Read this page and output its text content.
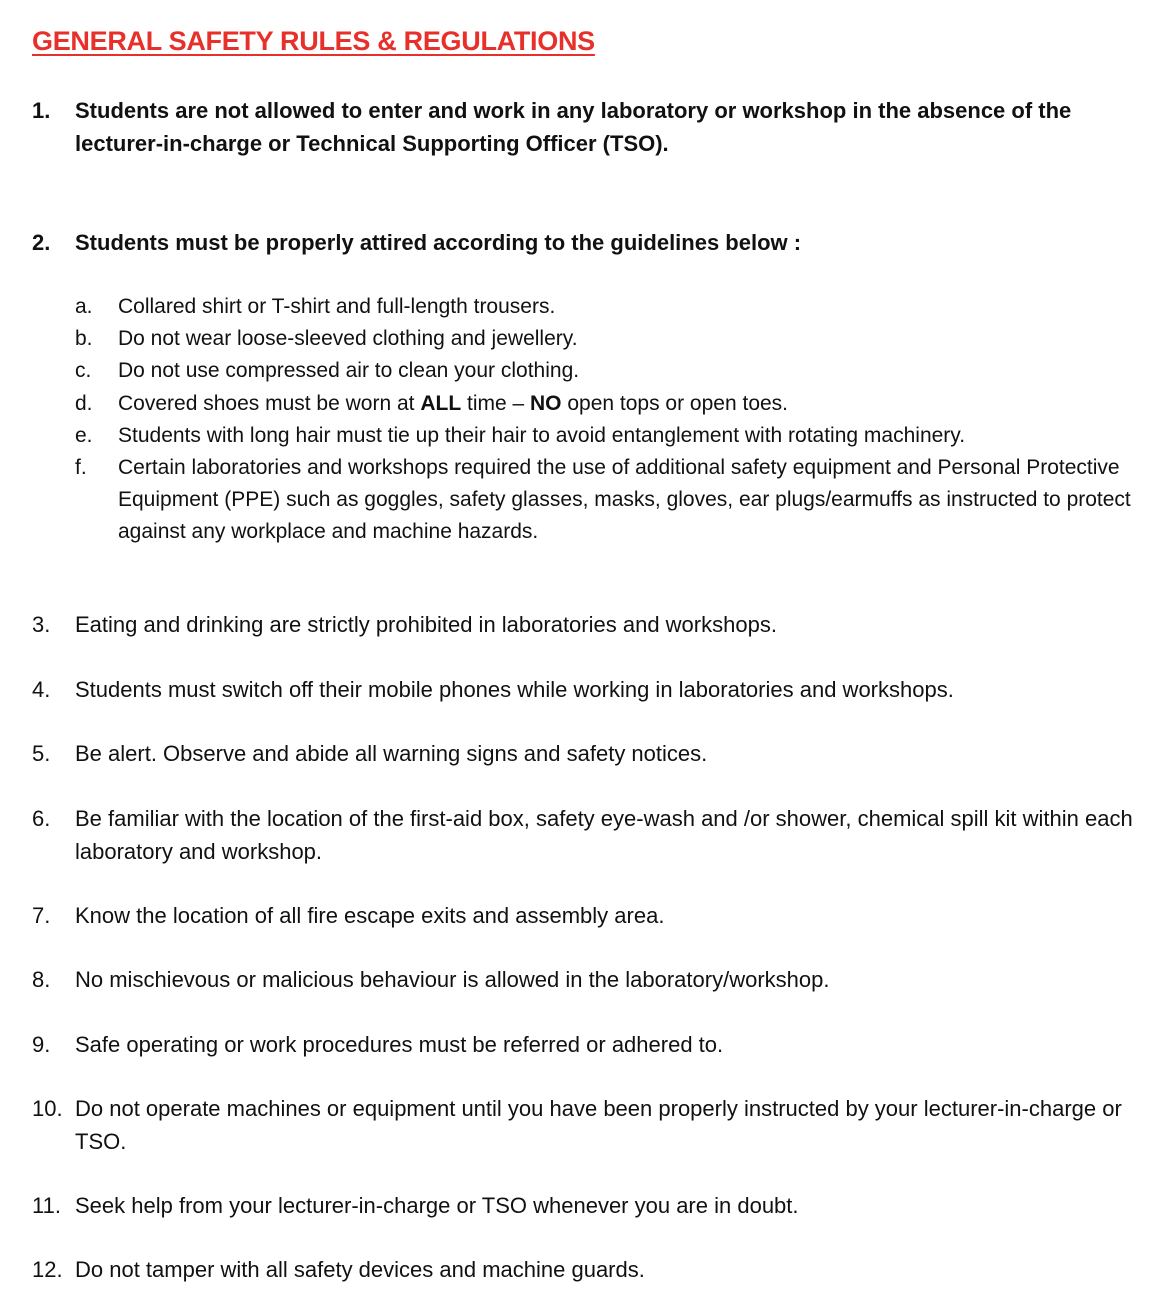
GENERAL SAFETY RULES & REGULATIONS
1.	Students are not allowed to enter and work in any laboratory or workshop in the absence of the lecturer-in-charge or Technical Supporting Officer (TSO).
2.	Students must be properly attired according to the guidelines below :
a.	Collared shirt or T-shirt and full-length trousers.
b.	Do not wear loose-sleeved clothing and jewellery.
c.	Do not use compressed air to clean your clothing.
d.	Covered shoes must be worn at ALL time – NO open tops or open toes.
e.	Students with long hair must tie up their hair to avoid entanglement with rotating machinery.
f.	Certain laboratories and workshops required the use of additional safety equipment and Personal Protective Equipment (PPE) such as goggles, safety glasses, masks, gloves, ear plugs/earmuffs as instructed to protect against any workplace and machine hazards.
3.	Eating and drinking are strictly prohibited in laboratories and workshops.
4.	Students must switch off their mobile phones while working in laboratories and workshops.
5.	Be alert. Observe and abide all warning signs and safety notices.
6.	Be familiar with the location of the first-aid box, safety eye-wash and /or shower, chemical spill kit within each laboratory and workshop.
7.	Know the location of all fire escape exits and assembly area.
8.	No mischievous or malicious behaviour is allowed in the laboratory/workshop.
9.	Safe operating or work procedures must be referred or adhered to.
10. Do not operate machines or equipment until you have been properly instructed by your lecturer-in-charge or TSO.
11. Seek help from your lecturer-in-charge or TSO whenever you are in doubt.
12. Do not tamper with all safety devices and machine guards.
